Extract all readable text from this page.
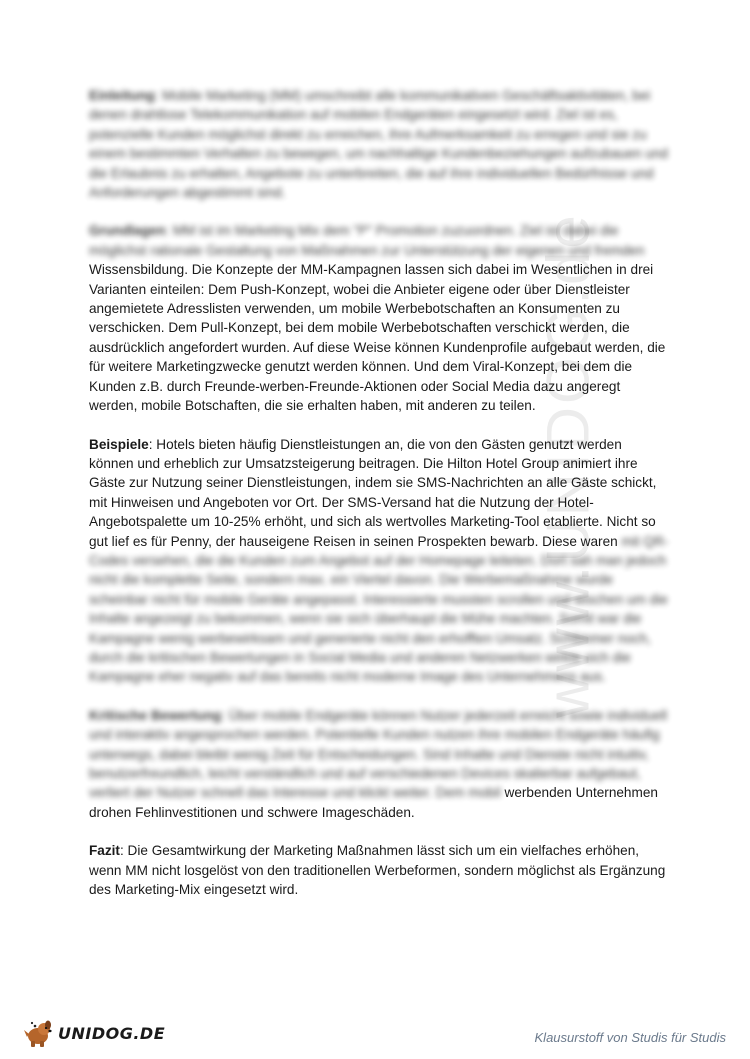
www.UNIDOG.de

Einleitung: Mobile Marketing (MM) umschreibt alle kommunikativen Geschäftsaktivitäten, bei denen drahtlose Telekommunikation auf mobilen Endgeräten eingesetzt wird. Ziel ist es, potenzielle Kunden möglichst direkt zu erreichen, ihre Aufmerksamkeit zu erregen und sie zu einem bestimmten Verhalten zu bewegen, um nachhaltige Kundenbeziehungen aufzubauen und die Erlaubnis zu erhalten, Angebote zu unterbreiten, die auf ihre individuellen Bedürfnisse und Anforderungen abgestimmt sind.

Grundlagen: MM ist im Marketing Mix dem "P" Promotion zuzuordnen. Ziel ist dabei die möglichst rationale Gestaltung von Maßnahmen zur Unterstützung der eigenen und fremden Wissensbildung. Die Konzepte der MM-Kampagnen lassen sich dabei im Wesentlichen in drei Varianten einteilen: Dem Push-Konzept, wobei die Anbieter eigene oder über Dienstleister angemietete Adresslisten verwenden, um mobile Werbebotschaften an Konsumenten zu verschicken. Dem Pull-Konzept, bei dem mobile Werbebotschaften verschickt werden, die ausdrücklich angefordert wurden. Auf diese Weise können Kundenprofile aufgebaut werden, die für weitere Marketingzwecke genutzt werden können. Und dem Viral-Konzept, bei dem die Kunden z.B. durch Freunde-werben-Freunde-Aktionen oder Social Media dazu angeregt werden, mobile Botschaften, die sie erhalten haben, mit anderen zu teilen.

Beispiele: Hotels bieten häufig Dienstleistungen an, die von den Gästen genutzt werden können und erheblich zur Umsatzsteigerung beitragen. Die Hilton Hotel Group animiert ihre Gäste zur Nutzung seiner Dienstleistungen, indem sie SMS-Nachrichten an alle Gäste schickt, mit Hinweisen und Angeboten vor Ort. Der SMS-Versand hat die Nutzung der Hotel-Angebotspalette um 10-25% erhöht, und sich als wertvolles Marketing-Tool etablierte. Nicht so gut lief es für Penny, der hauseigene Reisen in seinen Prospekten bewarb. Diese waren mit QR-Codes versehen, die die Kunden zum Angebot auf der Homepage leiteten. Dort sah man jedoch nicht die komplette Seite, sondern max. ein Viertel davon. Die Werbemaßnahme wurde scheinbar nicht für mobile Geräte angepasst. Interessierte mussten scrollen und wischen um die Inhalte angezeigt zu bekommen, wenn sie sich überhaupt die Mühe machten. Somit war die Kampagne wenig werbewirksam und generierte nicht den erhofften Umsatz. Schlimmer noch, durch die kritischen Bewertungen in Social Media und anderen Netzwerken wirkte sich die Kampagne eher negativ auf das bereits nicht moderne Image des Unternehmens aus.

Kritische Bewertung: Über mobile Endgeräte können Nutzer jederzeit erreicht sowie individuell und interaktiv angesprochen werden. Potentielle Kunden nutzen ihre mobilen Endgeräte häufig unterwegs, dabei bleibt wenig Zeit für Entscheidungen. Sind Inhalte und Dienste nicht intuitiv, benutzerfreundlich, leicht verständlich und auf verschiedenen Devices skalierbar aufgebaut, verliert der Nutzer schnell das Interesse und klickt weiter. Dem mobil werbenden Unternehmen drohen Fehlinvestitionen und schwere Imageschäden.

Fazit: Die Gesamtwirkung der Marketing Maßnahmen lässt sich um ein vielfaches erhöhen, wenn MM nicht losgelöst von den traditionellen Werbeformen, sondern möglichst als Ergänzung des Marketing-Mix eingesetzt wird.

UNIDOG.DE	Klausurstoff von Studis für Studis
